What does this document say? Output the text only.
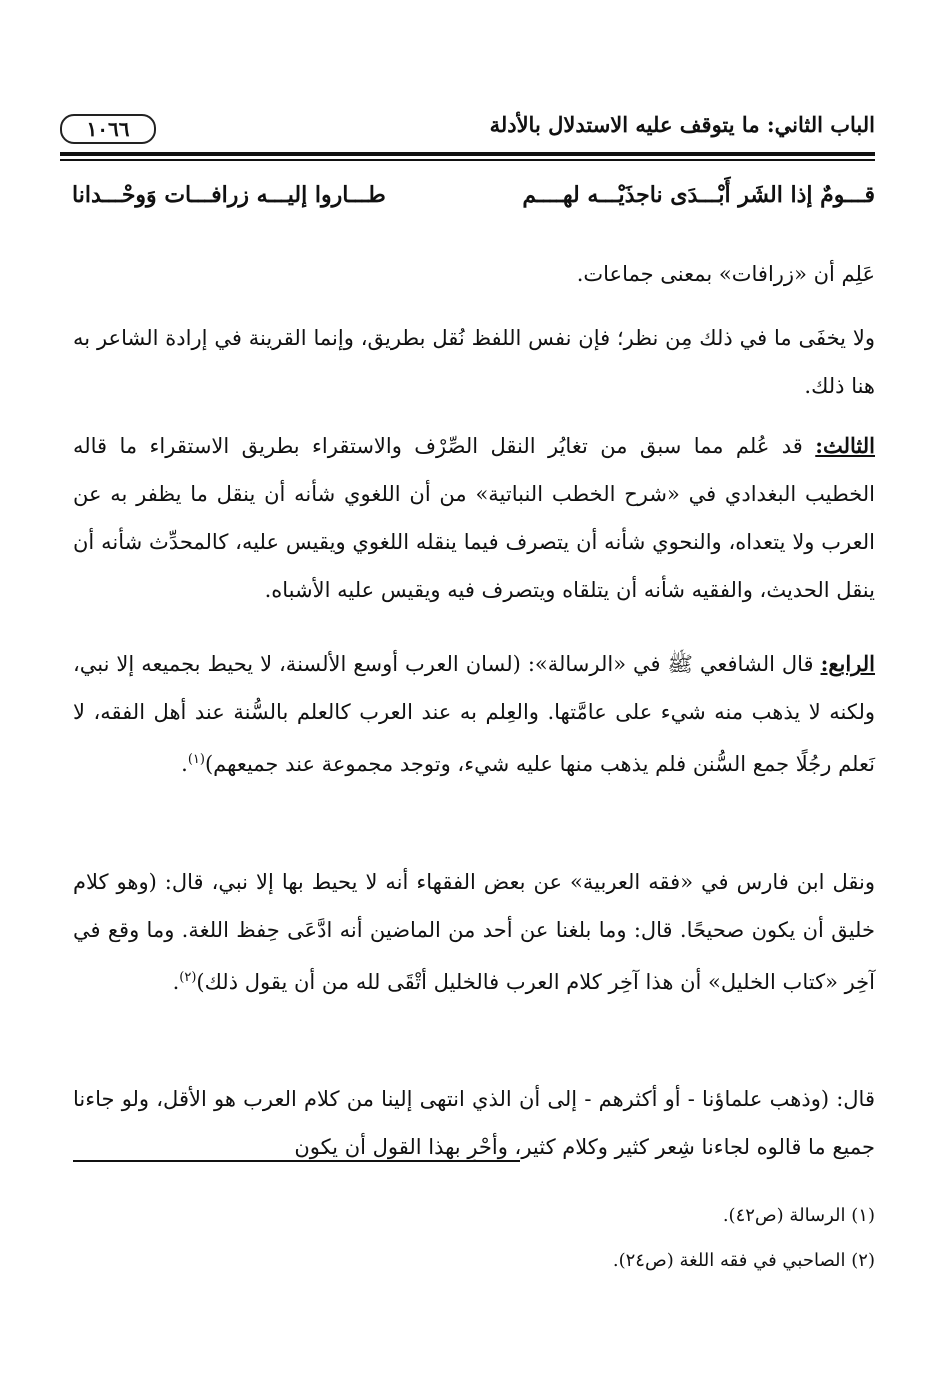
١٠٦٦	الباب الثاني: ما يتوقف عليه الاستدلال بالأدلة
قـــومٌ إذا الشَر أَبْـــدَى ناجذَيْـــه لهــــم
طـــاروا إليـــه زرافـــات وَوحْـــدانا
عَلِم أن «زرافات» بمعنى جماعات.
ولا يخفَى ما في ذلك مِن نظر؛ فإن نفس اللفظ نُقل بطريق، وإنما القرينة في إرادة الشاعر به هنا ذلك.
الثالث: قد عُلم مما سبق من تغايُر النقل الصِّرْف والاستقراء بطريق الاستقراء ما قاله الخطيب البغدادي في «شرح الخطب النباتية» من أن اللغوي شأنه أن ينقل ما يظفر به عن العرب ولا يتعداه، والنحوي شأنه أن يتصرف فيما ينقله اللغوي ويقيس عليه، كالمحدِّث شأنه أن ينقل الحديث، والفقيه شأنه أن يتلقاه ويتصرف فيه ويقيس عليه الأشباه.
الرابع: قال الشافعي ﷺ في «الرسالة»: (لسان العرب أوسع الألسنة، لا يحيط بجميعه إلا نبي، ولكنه لا يذهب منه شيء على عامَّتها. والعِلم به عند العرب كالعلم بالسُّنة عند أهل الفقه، لا نَعلم رجُلًا جمع السُّنن فلم يذهب منها عليه شيء، وتوجد مجموعة عند جميعهم)$^{(١)}$.
ونقل ابن فارس في «فقه العربية» عن بعض الفقهاء أنه لا يحيط بها إلا نبي، قال: (وهو كلام خليق أن يكون صحيحًا. قال: وما بلغنا عن أحد من الماضين أنه ادَّعَى حِفظ اللغة. وما وقع في آخِر «كتاب الخليل» أن هذا آخِر كلام العرب فالخليل أتْقَى لله من أن يقول ذلك)$^{(٢)}$.
قال: (وذهب علماؤنا - أو أكثرهم - إلى أن الذي انتهى إلينا من كلام العرب هو الأقل، ولو جاءنا جميع ما قالوه لجاءنا شِعر كثير وكلام كثير، وأحْرِ بهذا القول أن يكون
(١) الرسالة (ص٤٢).
(٢) الصاحبي في فقه اللغة (ص٢٤).
